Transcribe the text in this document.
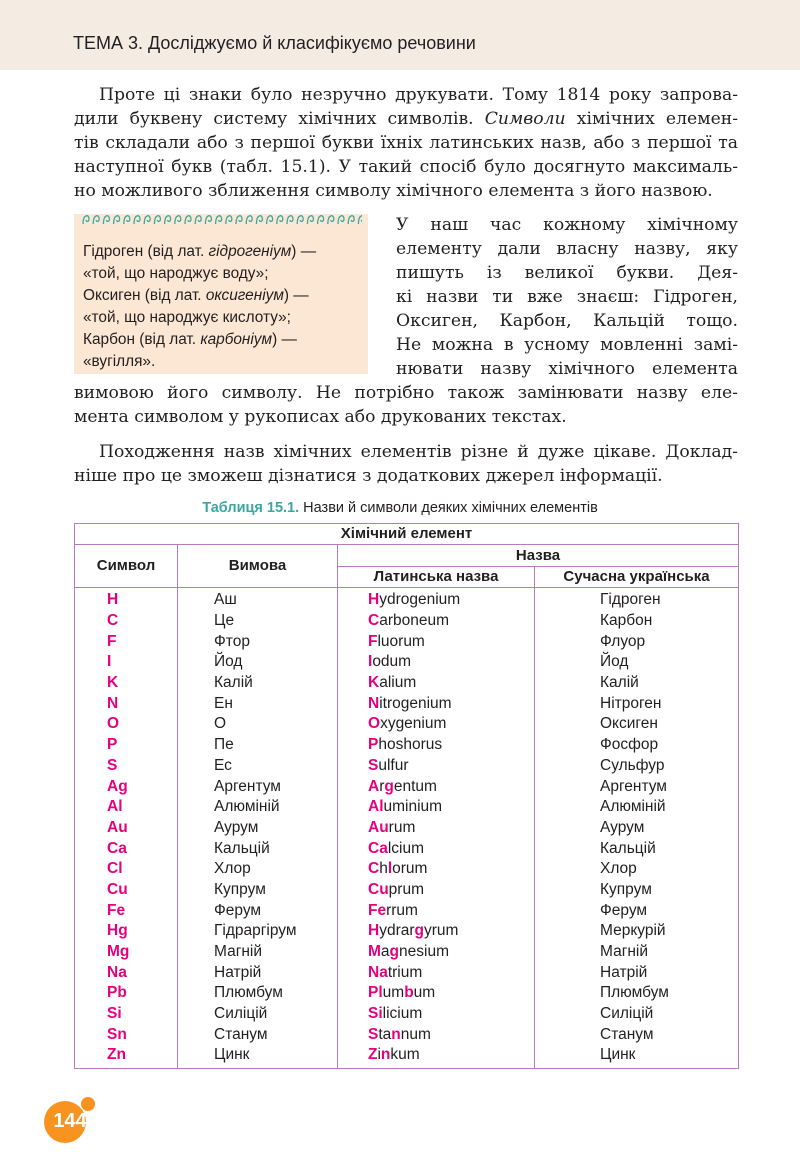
ТЕМА 3. Досліджуємо й класифікуємо речовини
Проте ці знаки було незручно друкувати. Тому 1814 року запрова-
дили буквену систему хімічних символів. Символи хімічних елемен-
тів складали або з першої букви їхніх латинських назв, або з першої та
наступної букв (табл. 15.1). У такий спосіб було досягнуто максималь-
но можливого зближення символу хімічного елемента з його назвою.
Гідроген (від лат. гідрогеніум) —
«той, що народжує воду»;
Оксиген (від лат. оксигеніум) —
«той, що народжує кислоту»;
Карбон (від лат. карбоніум) —
«вугілля».
У наш час кожному хімічному
елементу дали власну назву, яку
пишуть із великої букви. Дея-
кі назви ти вже знаєш: Гідроген,
Оксиген, Карбон, Кальцій тощо.
Не можна в усному мовленні замі-
нювати назву хімічного елемента
вимовою його символу. Не потрібно також замінювати назву еле-
мента символом у рукописах або друкованих текстах.
Походження назв хімічних елементів різне й дуже цікаве. Доклад-
ніше про це зможеш дізнатися з додаткових джерел інформації.
Таблиця 15.1. Назви й символи деяких хімічних елементів
Хімічний елемент			
Символ	Вимова	Назва	
		Латинська назва	Сучасна українська
H	Аш	Hydrogenium	Гідроген
C	Це	Carboneum	Карбон
F	Фтор	Fluorum	Флуор
I	Йод	Iodum	Йод
K	Калій	Kalium	Калій
N	Ен	Nitrogenium	Нітроген
O	О	Oxygenium	Оксиген
P	Пе	Phoshorus	Фосфор
S	Ес	Sulfur	Сульфур
Ag	Аргентум	Argentum	Аргентум
Al	Алюміній	Aluminium	Алюміній
Au	Аурум	Aurum	Аурум
Ca	Кальцій	Calcium	Кальцій
Cl	Хлор	Chlorum	Хлор
Cu	Купрум	Cuprum	Купрум
Fe	Ферум	Ferrum	Ферум
Hg	Гідраргірум	Hydrargyrum	Меркурій
Mg	Магній	Magnesium	Магній
Na	Натрій	Natrium	Натрій
Pb	Плюмбум	Plumbum	Плюмбум
Si	Силіцій	Silicium	Силіцій
Sn	Станум	Stannum	Станум
Zn	Цинк	Zinkum	Цинк
144
